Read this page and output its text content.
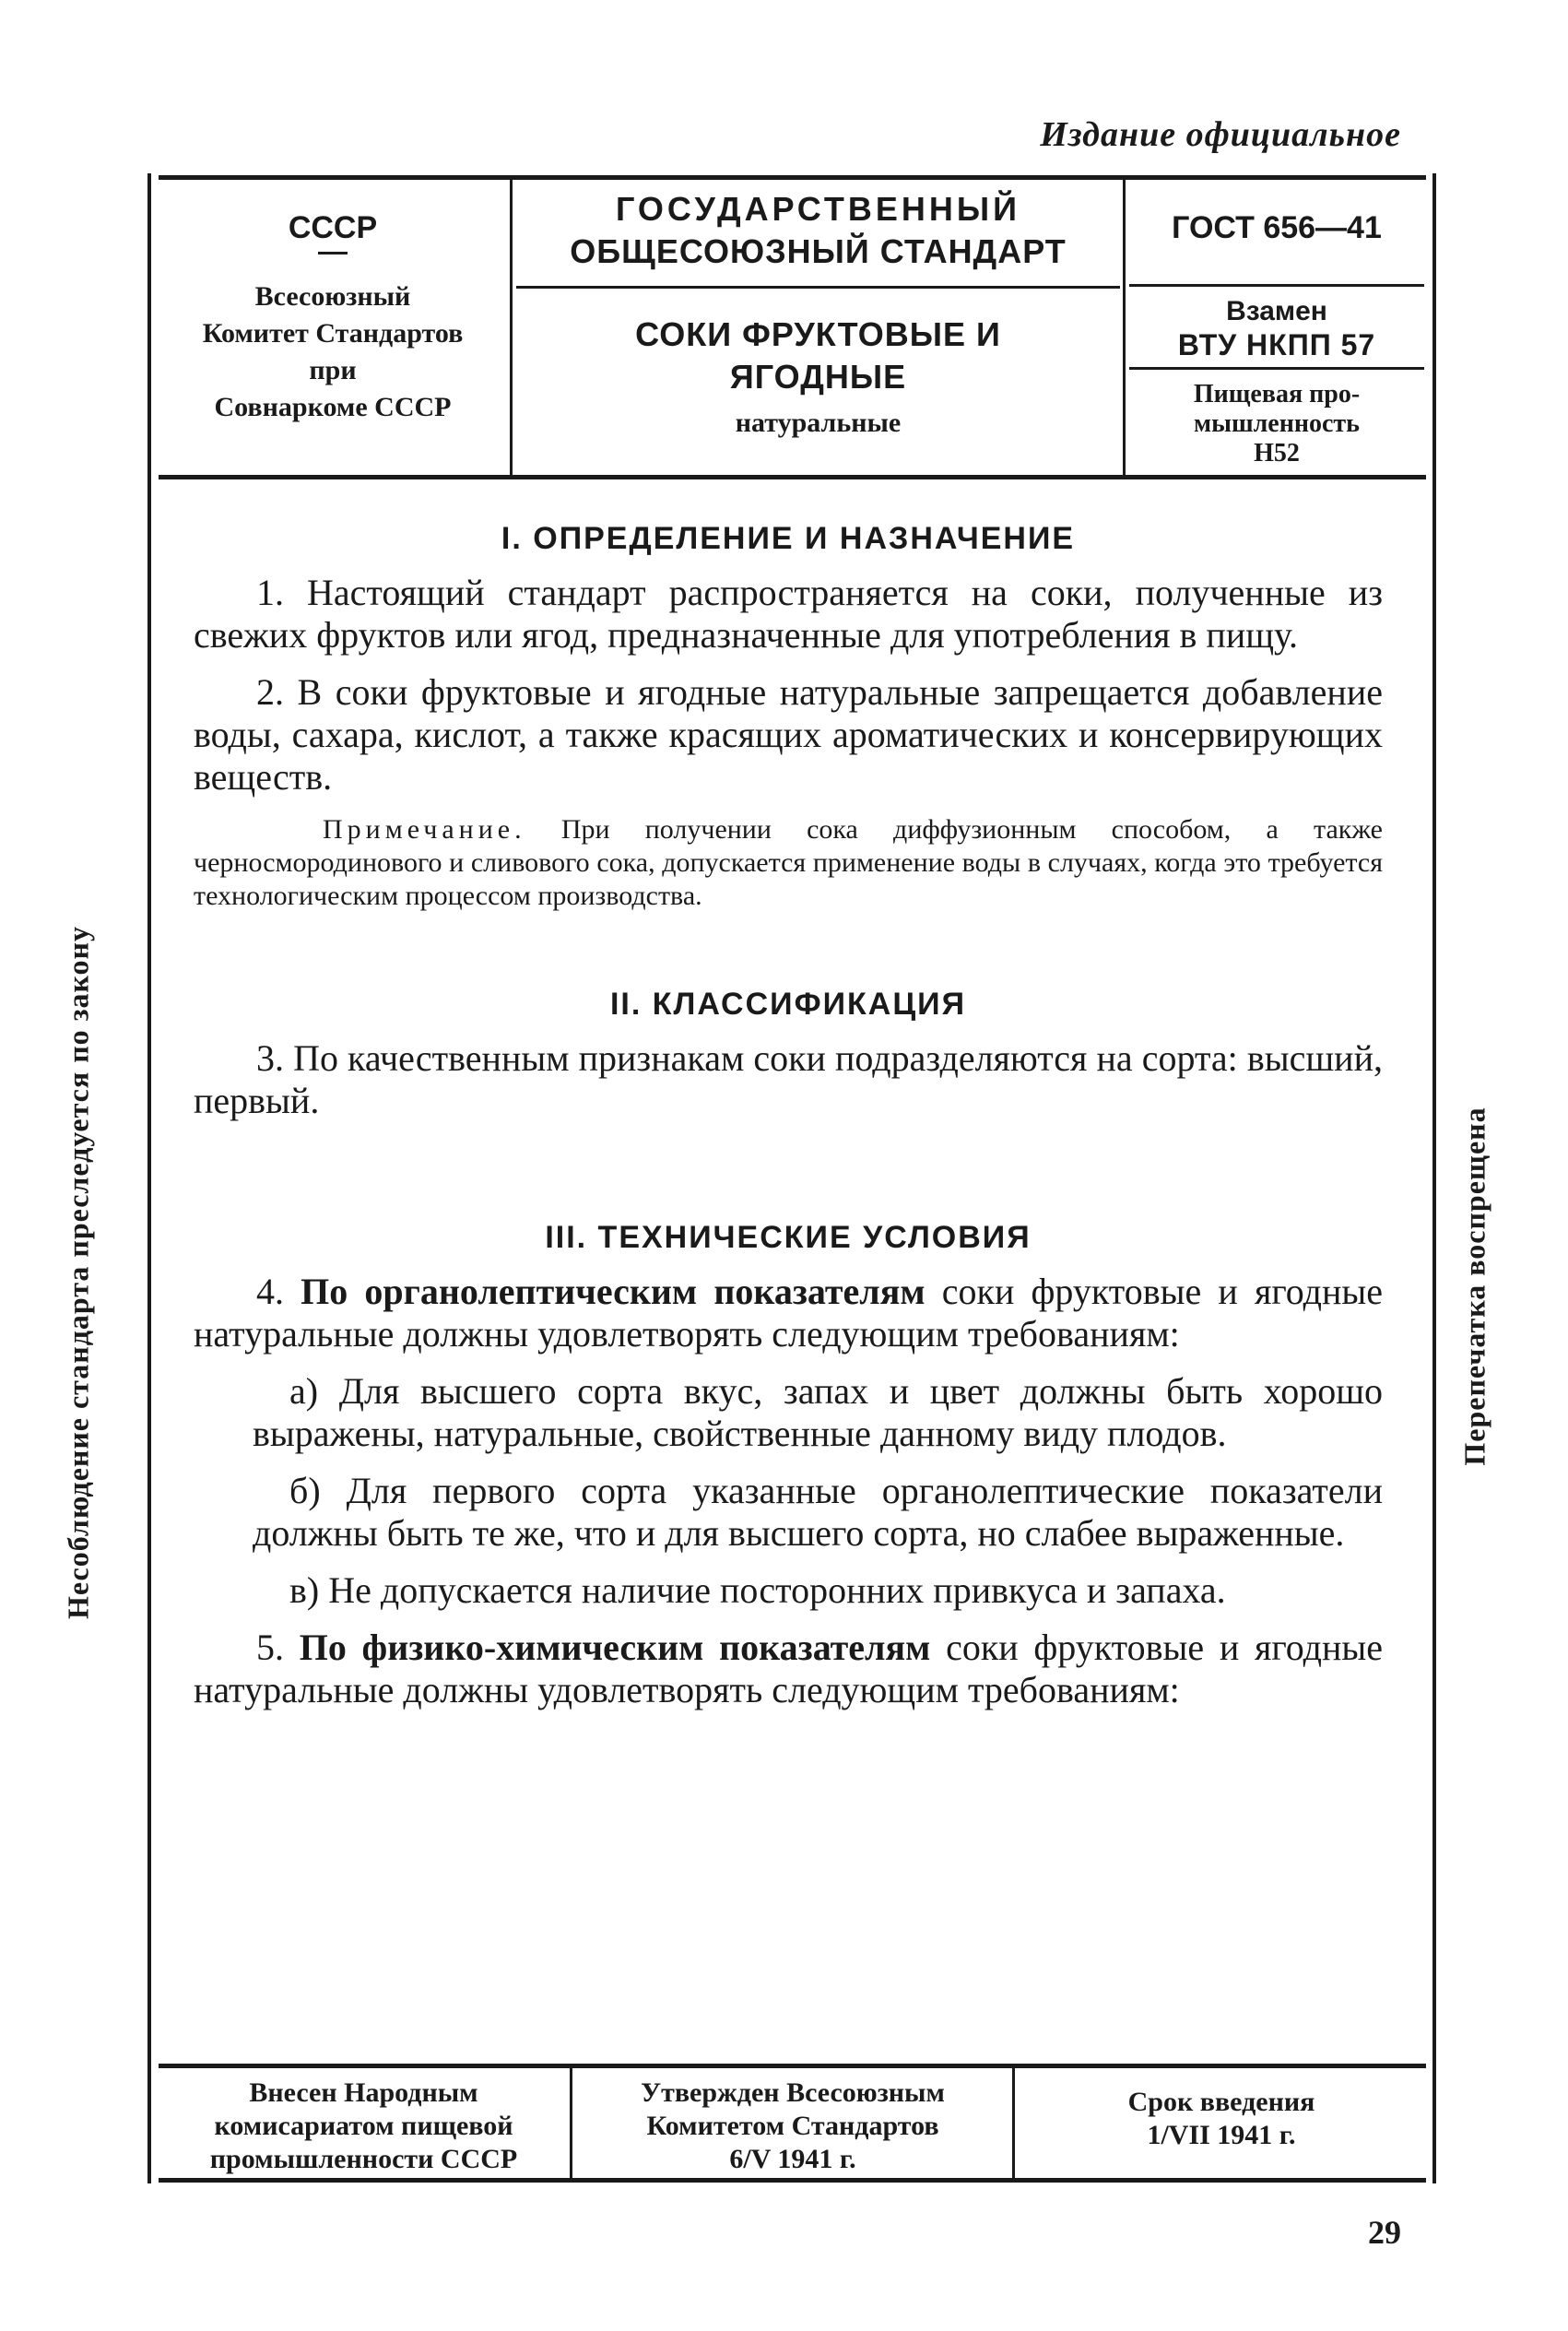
Издание официальное
СССР
Всесоюзный
Комитет Стандартов
при
Совнаркоме СССР
ГОСУДАРСТВЕННЫЙ
ОБЩЕСОЮЗНЫЙ СТАНДАРТ
СОКИ ФРУКТОВЫЕ И
ЯГОДНЫЕ
натуральные
ГОСТ 656—41
Взамен
ВТУ НКПП 57
Пищевая про-
мышленность
Н52
I. ОПРЕДЕЛЕНИЕ И НАЗНАЧЕНИЕ

1. Настоящий стандарт распространяется на соки, полученные из свежих фруктов или ягод, предназначенные для употребления в пищу.

2. В соки фруктовые и ягодные натуральные запрещается добавление воды, сахара, кислот, а также красящих ароматических и консервирующих веществ.

Примечание. При получении сока диффузионным способом, а также черносмородинового и сливового сока, допускается применение воды в случаях, когда это требуется технологическим процессом производства.

II. КЛАССИФИКАЦИЯ

3. По качественным признакам соки подразделяются на сорта: высший, первый.

III. ТЕХНИЧЕСКИЕ УСЛОВИЯ

4. По органолептическим показателям соки фруктовые и ягодные натуральные должны удовлетворять следующим требованиям:

а) Для высшего сорта вкус, запах и цвет должны быть хорошо выражены, натуральные, свойственные данному виду плодов.

б) Для первого сорта указанные органолептические показатели должны быть те же, что и для высшего сорта, но слабее выраженные.

в) Не допускается наличие посторонних привкуса и запаха.

5. По физико-химическим показателям соки фруктовые и ягодные натуральные должны удовлетворять следующим требованиям:

Внесен Народным
комисариатом пищевой
промышленности СССР
Утвержден Всесоюзным
Комитетом Стандартов
6/V 1941 г.
Срок введения
1/VII 1941 г.
Несоблюдение стандарта преследуется по закону	Перепечатка воспрещена
29
